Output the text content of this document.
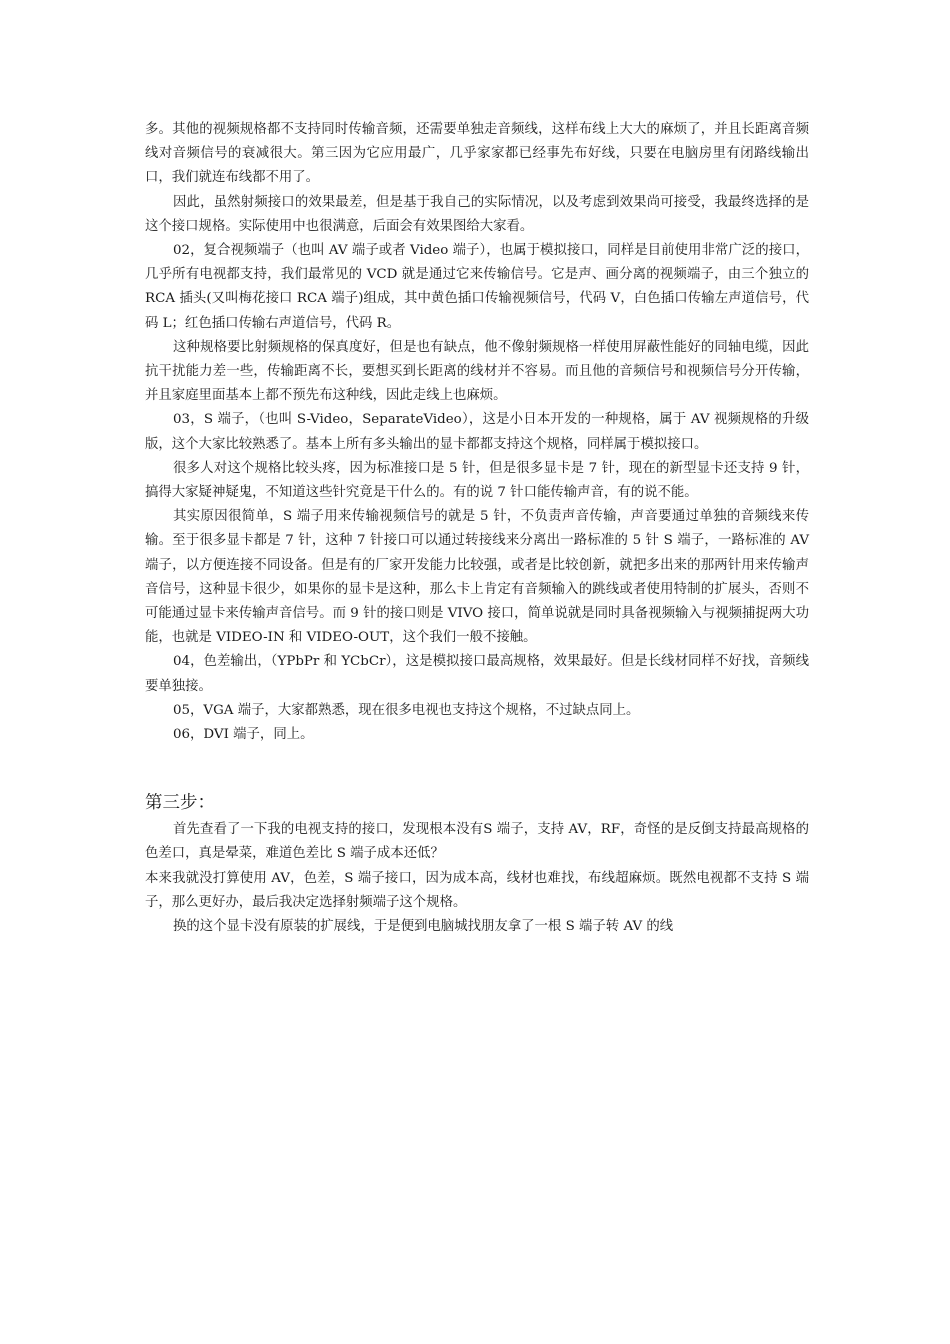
多。其他的视频规格都不支持同时传输音频，还需要单独走音频线，这样布线上大大的麻烦了，并且长距离音频线对音频信号的衰减很大。第三因为它应用最广，几乎家家都已经事先布好线，只要在电脑房里有闭路线输出口，我们就连布线都不用了。

因此，虽然射频接口的效果最差，但是基于我自己的实际情况，以及考虑到效果尚可接受，我最终选择的是这个接口规格。实际使用中也很满意，后面会有效果图给大家看。

02，复合视频端子（也叫 AV 端子或者 Video 端子），也属于模拟接口，同样是目前使用非常广泛的接口，几乎所有电视都支持，我们最常见的 VCD 就是通过它来传输信号。它是声、画分离的视频端子，由三个独立的 RCA 插头(又叫梅花接口 RCA 端子)组成，其中黄色插口传输视频信号，代码 V，白色插口传输左声道信号，代码 L；红色插口传输右声道信号，代码 R。

这种规格要比射频规格的保真度好，但是也有缺点，他不像射频规格一样使用屏蔽性能好的同轴电缆，因此抗干扰能力差一些，传输距离不长，要想买到长距离的线材并不容易。而且他的音频信号和视频信号分开传输，并且家庭里面基本上都不预先布这种线，因此走线上也麻烦。

03，S 端子，（也叫 S-Video，SeparateVideo），这是小日本开发的一种规格，属于 AV 视频规格的升级版，这个大家比较熟悉了。基本上所有多头输出的显卡都都支持这个规格，同样属于模拟接口。

很多人对这个规格比较头疼，因为标准接口是 5 针，但是很多显卡是 7 针，现在的新型显卡还支持 9 针，搞得大家疑神疑鬼，不知道这些针究竟是干什么的。有的说 7 针口能传输声音，有的说不能。

其实原因很简单，S 端子用来传输视频信号的就是 5 针，不负责声音传输，声音要通过单独的音频线来传输。至于很多显卡都是 7 针，这种 7 针接口可以通过转接线来分离出一路标准的 5 针 S 端子，一路标准的 AV 端子，以方便连接不同设备。但是有的厂家开发能力比较强，或者是比较创新，就把多出来的那两针用来传输声音信号，这种显卡很少，如果你的显卡是这种，那么卡上肯定有音频输入的跳线或者使用特制的扩展头，否则不可能通过显卡来传输声音信号。而 9 针的接口则是 VIVO 接口，简单说就是同时具备视频输入与视频捕捉两大功能，也就是 VIDEO-IN 和 VIDEO-OUT，这个我们一般不接触。

04，色差输出，（YPbPr 和 YCbCr），这是模拟接口最高规格，效果最好。但是长线材同样不好找，音频线要单独接。

05，VGA 端子，大家都熟悉，现在很多电视也支持这个规格，不过缺点同上。

06，DVI 端子，同上。

第三步：

首先查看了一下我的电视支持的接口，发现根本没有S 端子，支持 AV，RF，奇怪的是反倒支持最高规格的色差口，真是晕菜，难道色差比 S 端子成本还低？

本来我就没打算使用 AV，色差，S 端子接口，因为成本高，线材也难找，布线超麻烦。既然电视都不支持 S 端子，那么更好办，最后我决定选择射频端子这个规格。

换的这个显卡没有原装的扩展线，于是便到电脑城找朋友拿了一根 S 端子转 AV 的线
